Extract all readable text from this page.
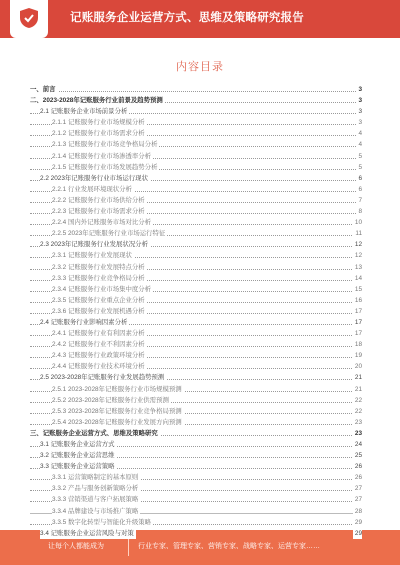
记账服务企业运营方式、思维及策略研究报告
内容目录
一、前言	3
二、2023-2028年记账服务行业前景及趋势预测	3
2.1 记账服务企业市场前景分析	3
2.1.1 记账服务行业市场规模分析	3
2.1.2 记账服务行业市场需求分析	4
2.1.3 记账服务行业市场竞争格局分析	4
2.1.4 记账服务行业市场渗透率分析	5
2.1.5 记账服务行业市场发展趋势分析	5
2.2 2023年记账服务行业市场运行现状	6
2.2.1 行业发展环境现状分析	6
2.2.2 记账服务行业市场供给分析	7
2.2.3 记账服务行业市场需求分析	8
2.2.4 国内外记账服务市场对比分析	10
2.2.5 2023年记账服务行业市场运行特征	11
2.3 2023年记账服务行业发展状况分析	12
2.3.1 记账服务行业发展现状	12
2.3.2 记账服务行业发展特点分析	13
2.3.3 记账服务行业竞争格局分析	14
2.3.4 记账服务行业市场集中度分析	15
2.3.5 记账服务行业重点企业分析	16
2.3.6 记账服务行业发展机遇分析	17
2.4 记账服务行业影响因素分析	17
2.4.1 记账服务行业有利因素分析	17
2.4.2 记账服务行业不利因素分析	18
2.4.3 记账服务行业政策环境分析	19
2.4.4 记账服务行业技术环境分析	20
2.5 2023-2028年记账服务行业发展趋势预测	21
2.5.1 2023-2028年记账服务行业市场规模预测	21
2.5.2 2023-2028年记账服务行业供需预测	22
2.5.3 2023-2028年记账服务行业竞争格局预测	22
2.5.4 2023-2028年记账服务行业发展方向预测	23
三、记账服务企业运营方式、思维及策略研究	23
3.1 记账服务企业运营方式	24
3.2 记账服务企业运营思维	25
3.3 记账服务企业运营策略	26
3.3.1 运营策略制定的基本原则	26
3.3.2 产品与服务创新策略分析	27
3.3.3 营销渠道与客户拓展策略	27
3.3.4 品牌建设与市场推广策略	28
3.3.5 数字化转型与智能化升级策略	29
3.4 记账服务企业运营风险与对策	29
让每个人都能成为	行业专家、管理专家、营销专家、战略专家、运营专家……
